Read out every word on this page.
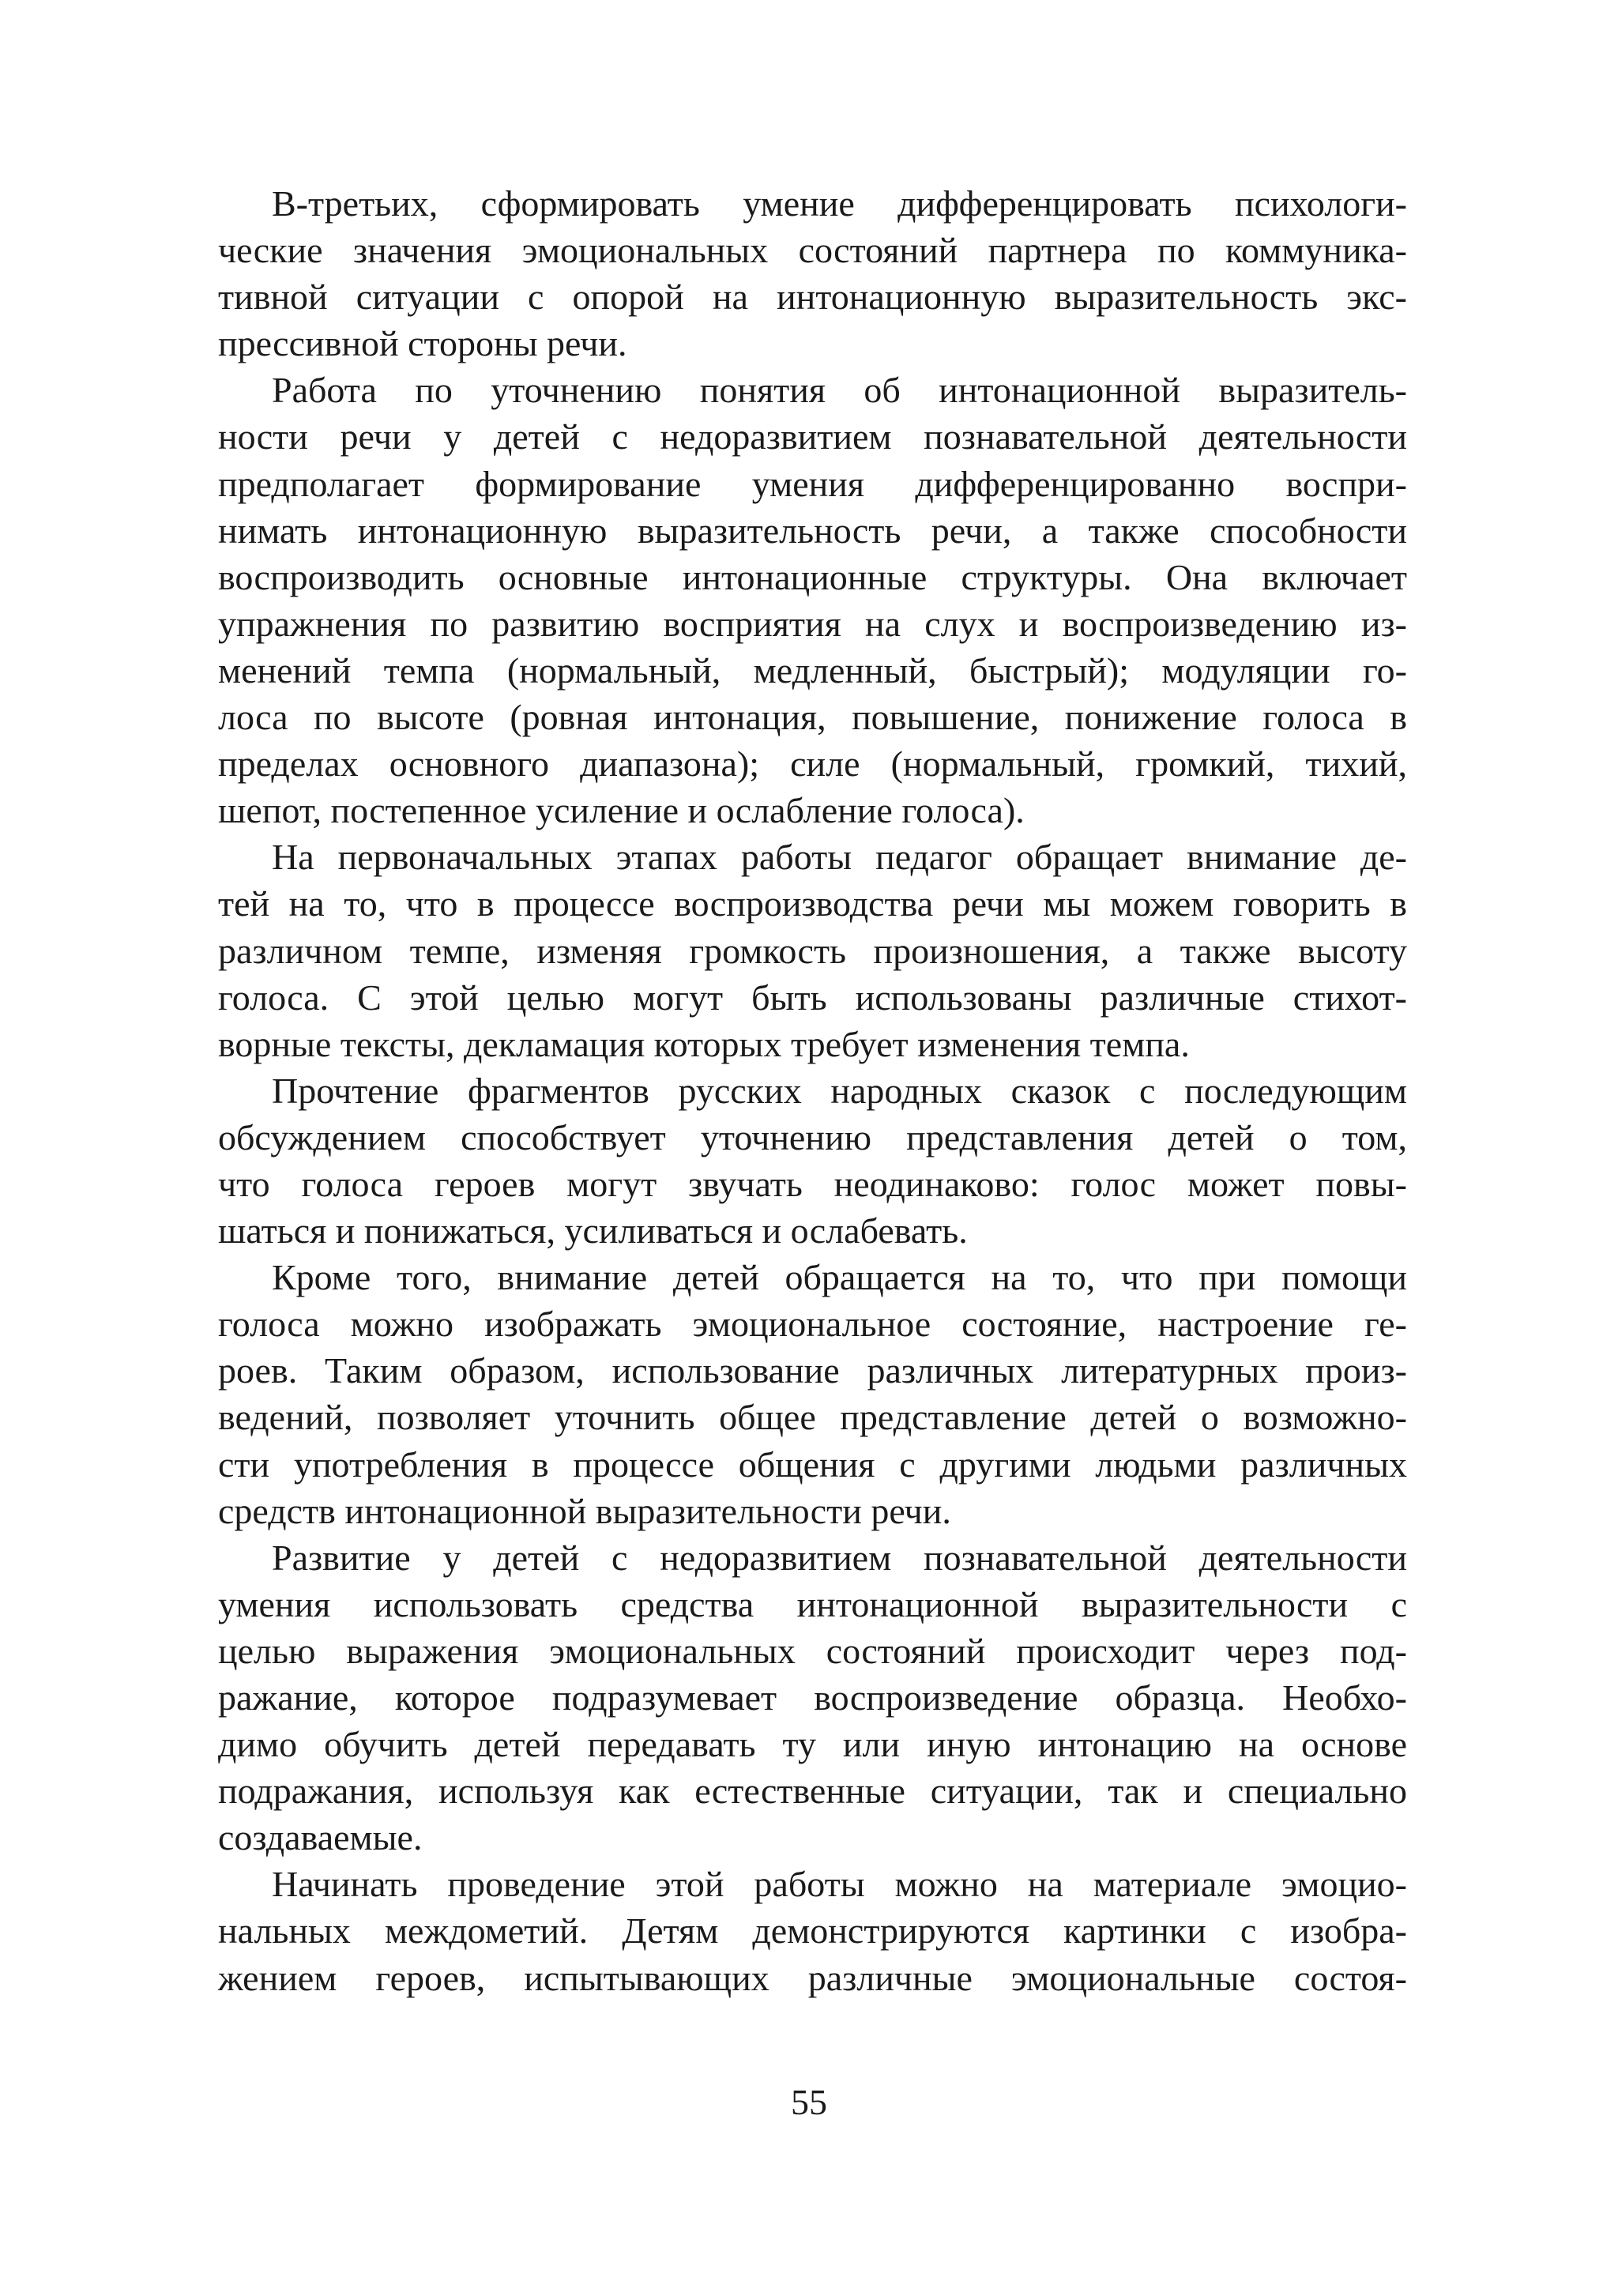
В-третьих, сформировать умение дифференцировать психологи-
ческие значения эмоциональных состояний партнера по коммуника-
тивной ситуации с опорой на интонационную выразительность экс-
прессивной стороны речи.
Работа по уточнению понятия об интонационной выразитель-
ности речи у детей с недоразвитием познавательной деятельности
предполагает формирование умения дифференцированно воспри-
нимать интонационную выразительность речи, а также способности
воспроизводить основные интонационные структуры. Она включает
упражнения по развитию восприятия на слух и воспроизведению из-
менений темпа (нормальный, медленный, быстрый); модуляции го-
лоса по высоте (ровная интонация, повышение, понижение голоса в
пределах основного диапазона); силе (нормальный, громкий, тихий,
шепот, постепенное усиление и ослабление голоса).
На первоначальных этапах работы педагог обращает внимание де-
тей на то, что в процессе воспроизводства речи мы можем говорить в
различном темпе, изменяя громкость произношения, а также высоту
голоса. С этой целью могут быть использованы различные стихот-
ворные тексты, декламация которых требует изменения темпа.
Прочтение фрагментов русских народных сказок с последующим
обсуждением способствует уточнению представления детей о том,
что голоса героев могут звучать неодинаково: голос может повы-
шаться и понижаться, усиливаться и ослабевать.
Кроме того, внимание детей обращается на то, что при помощи
голоса можно изображать эмоциональное состояние, настроение ге-
роев. Таким образом, использование различных литературных произ-
ведений, позволяет уточнить общее представление детей о возможно-
сти употребления в процессе общения с другими людьми различных
средств интонационной выразительности речи.
Развитие у детей с недоразвитием познавательной деятельности
умения использовать средства интонационной выразительности с
целью выражения эмоциональных состояний происходит через под-
ражание, которое подразумевает воспроизведение образца. Необхо-
димо обучить детей передавать ту или иную интонацию на основе
подражания, используя как естественные ситуации, так и специально
создаваемые.
Начинать проведение этой работы можно на материале эмоцио-
нальных междометий. Детям демонстрируются картинки с изобра-
жением героев, испытывающих различные эмоциональные состоя-
55
